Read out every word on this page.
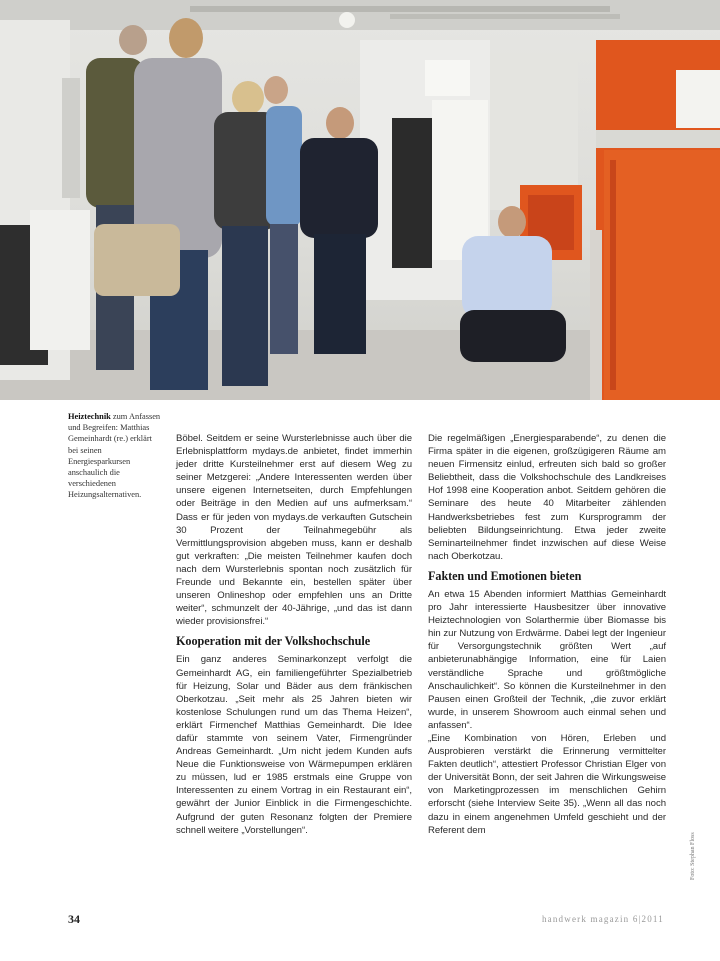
Heiztechnik zum Anfassen und Begreifen: Matthias Gemeinhardt (re.) erklärt bei seinen Energiesparkursen anschaulich die verschiedenen Heizungsalternativen.

Böbel. Seitdem er seine Wursterlebnisse auch über die Erlebnisplattform mydays.de anbietet, findet immerhin jeder dritte Kursteilnehmer erst auf diesem Weg zu seiner Metzgerei: „Andere Interessenten werden über unsere eigenen Internetseiten, durch Empfehlungen oder Beiträge in den Medien auf uns aufmerksam.“ Dass er für jeden von mydays.de verkauften Gutschein 30 Prozent der Teilnahmegebühr als Vermittlungsprovision abgeben muss, kann er deshalb gut verkraften: „Die meisten Teilnehmer kaufen doch nach dem Wursterlebnis spontan noch zusätzlich für Freunde und Bekannte ein, bestellen später über unseren Onlineshop oder empfehlen uns an Dritte weiter“, schmunzelt der 40-Jährige, „und das ist dann wieder provisionsfrei.“

Kooperation mit der Volkshochschule

Ein ganz anderes Seminarkonzept verfolgt die Gemeinhardt AG, ein familiengeführter Spezialbetrieb für Heizung, Solar und Bäder aus dem fränkischen Oberkotzau. „Seit mehr als 25 Jahren bieten wir kostenlose Schulungen rund um das Thema Heizen“, erklärt Firmenchef Matthias Gemeinhardt. Die Idee dafür stammte von seinem Vater, Firmengründer Andreas Gemeinhardt. „Um nicht jedem Kunden aufs Neue die Funktionsweise von Wärmepumpen erklären zu müssen, lud er 1985 erstmals eine Gruppe von Interessenten zu einem Vortrag in ein Restaurant ein“, gewährt der Junior Einblick in die Firmengeschichte. Aufgrund der guten Resonanz folgten der Premiere schnell weitere „Vorstellungen“.

Die regelmäßigen „Energiesparabende“, zu denen die Firma später in die eigenen, großzügigeren Räume am neuen Firmensitz einlud, erfreuten sich bald so großer Beliebtheit, dass die Volkshochschule des Landkreises Hof 1998 eine Kooperation anbot. Seitdem gehören die Seminare des heute 40 Mitarbeiter zählenden Handwerksbetriebes fest zum Kursprogramm der beliebten Bildungseinrichtung. Etwa jeder zweite Seminarteilnehmer findet inzwischen auf diese Weise nach Oberkotzau.

Fakten und Emotionen bieten

An etwa 15 Abenden informiert Matthias Gemeinhardt pro Jahr interessierte Hausbesitzer über innovative Heiztechnologien von Solarthermie über Biomasse bis hin zur Nutzung von Erdwärme. Dabei legt der Ingenieur für Versorgungstechnik größten Wert „auf anbieterunabhängige Information, eine für Laien verständliche Sprache und größtmögliche Anschaulichkeit“. So können die Kursteilnehmer in den Pausen einen Großteil der Technik, „die zuvor erklärt wurde, in unserem Showroom auch einmal sehen und anfassen“.

„Eine Kombination von Hören, Erleben und Ausprobieren verstärkt die Erinnerung vermittelter Fakten deutlich“, attestiert Professor Christian Elger von der Universität Bonn, der seit Jahren die Wirkungsweise von Marketingprozessen im menschlichen Gehirn erforscht (siehe Interview Seite 35). „Wenn all das noch dazu in einem angenehmen Umfeld geschieht und der Referent dem

Foto: Stephan Floss
34	handwerk magazin 6|2011
